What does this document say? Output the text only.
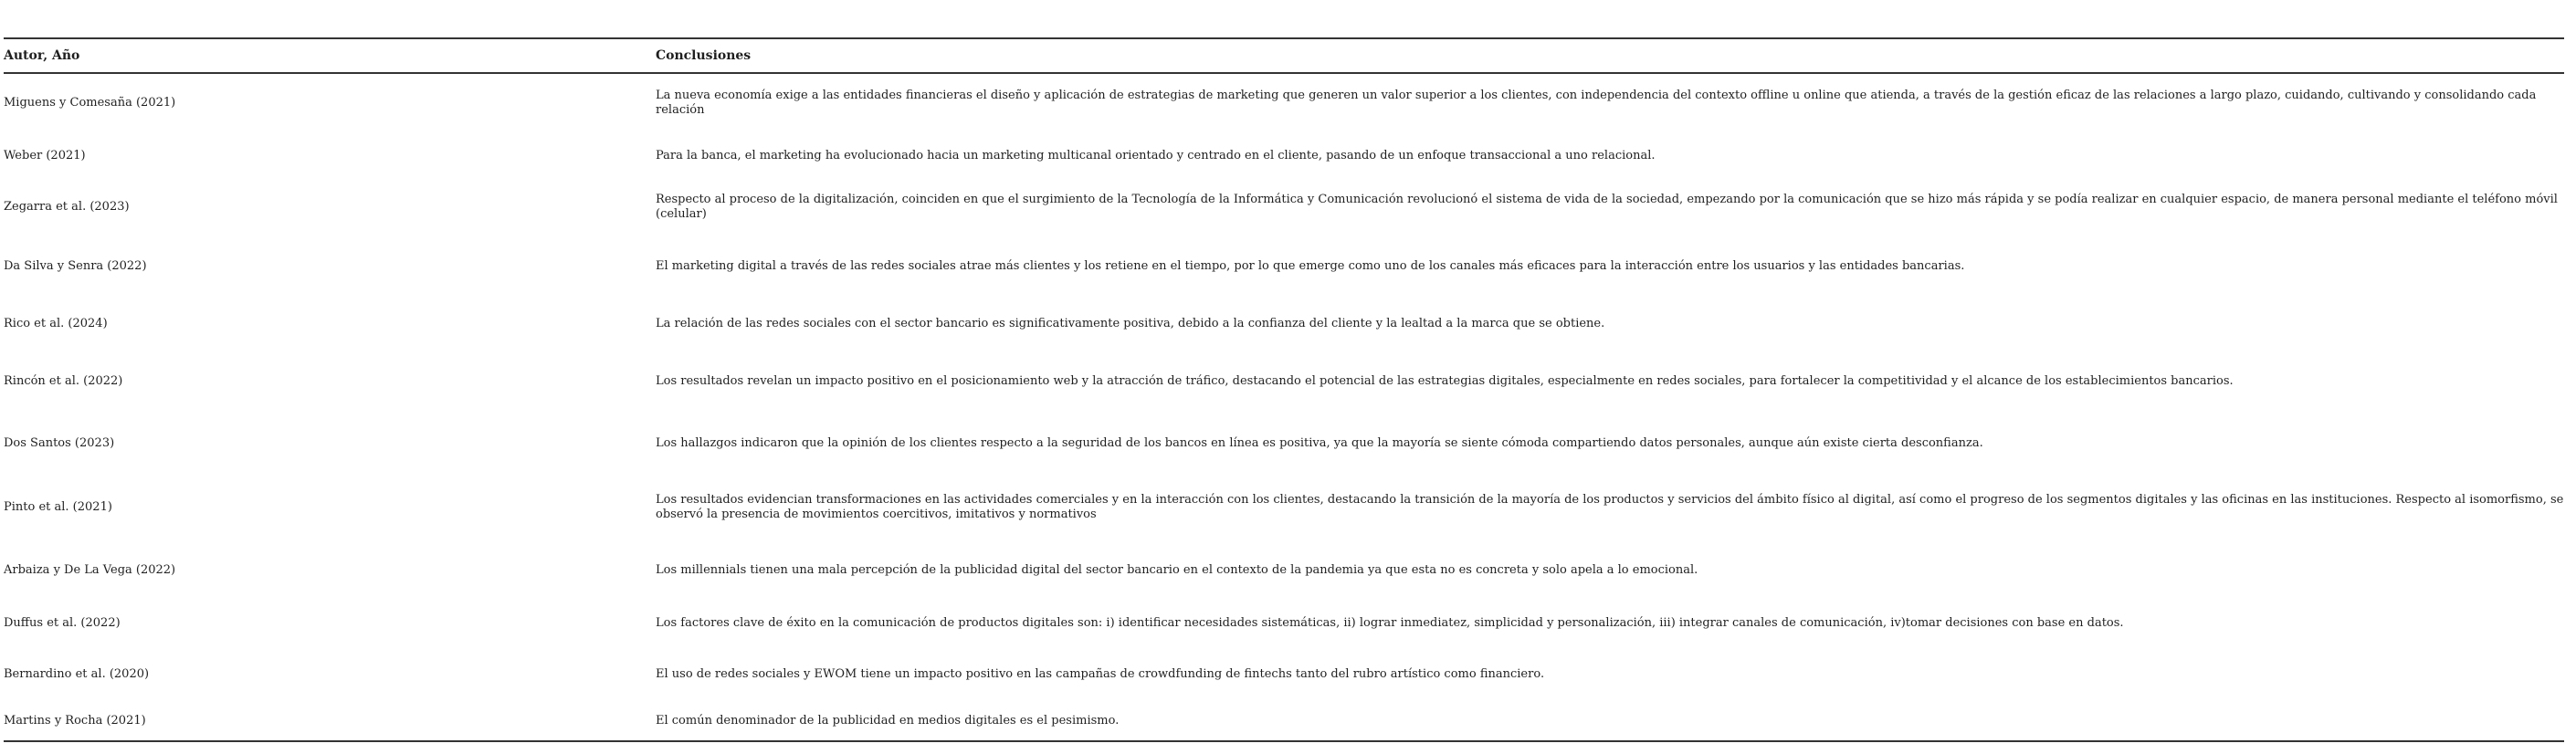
Autor, Año	Conclusiones
Miguens y Comesaña (2021)	La nueva economía exige a las entidades financieras el diseño y aplicación de estrategias de marketing que generen un valor superior a los clientes, con independencia del contexto offline u online que atienda, a través de la gestión eficaz de las relaciones a largo plazo, cuidando, cultivando y consolidando cada relación
Weber (2021)	Para la banca, el marketing ha evolucionado hacia un marketing multicanal orientado y centrado en el cliente, pasando de un enfoque transaccional a uno relacional.
Zegarra et al. (2023)	Respecto al proceso de la digitalización, coinciden en que el surgimiento de la Tecnología de la Informática y Comunicación revolucionó el sistema de vida de la sociedad, empezando por la comunicación que se hizo más rápida y se podía realizar en cualquier espacio, de manera personal mediante el teléfono móvil (celular)
Da Silva y Senra (2022)	El marketing digital a través de las redes sociales atrae más clientes y los retiene en el tiempo, por lo que emerge como uno de los canales más eficaces para la interacción entre los usuarios y las entidades bancarias.
Rico et al. (2024)	La relación de las redes sociales con el sector bancario es significativamente positiva, debido a la confianza del cliente y la lealtad a la marca que se obtiene.
Rincón et al. (2022)	Los resultados revelan un impacto positivo en el posicionamiento web y la atracción de tráfico, destacando el potencial de las estrategias digitales, especialmente en redes sociales, para fortalecer la competitividad y el alcance de los establecimientos bancarios.
Dos Santos (2023)	Los hallazgos indicaron que la opinión de los clientes respecto a la seguridad de los bancos en línea es positiva, ya que la mayoría se siente cómoda compartiendo datos personales, aunque aún existe cierta desconfianza.
Pinto et al. (2021)	Los resultados evidencian transformaciones en las actividades comerciales y en la interacción con los clientes, destacando la transición de la mayoría de los productos y servicios del ámbito físico al digital, así como el progreso de los segmentos digitales y las oficinas en las instituciones. Respecto al isomorfismo, se observó la presencia de movimientos coercitivos, imitativos y normativos
Arbaiza y De La Vega (2022)	Los millennials tienen una mala percepción de la publicidad digital del sector bancario en el contexto de la pandemia ya que esta no es concreta y solo apela a lo emocional.
Duffus et al. (2022)	Los factores clave de éxito en la comunicación de productos digitales son: i) identificar necesidades sistemáticas, ii) lograr inmediatez, simplicidad y personalización, iii) integrar canales de comunicación, iv)tomar decisiones con base en datos.
Bernardino et al. (2020)	El uso de redes sociales y EWOM tiene un impacto positivo en las campañas de crowdfunding de fintechs tanto del rubro artístico como financiero.
Martins y Rocha (2021)	El común denominador de la publicidad en medios digitales es el pesimismo.
